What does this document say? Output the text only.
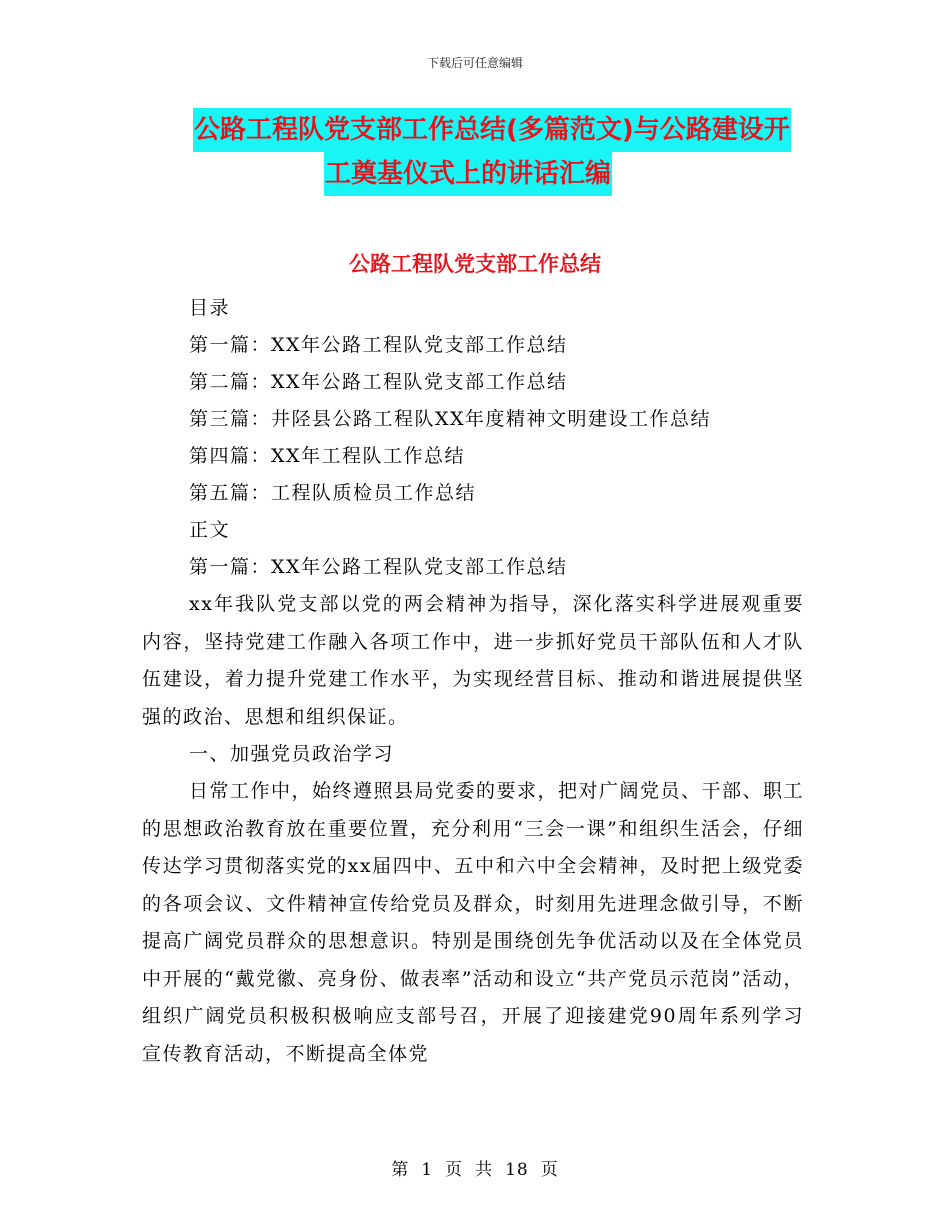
下载后可任意编辑
公路工程队党支部工作总结(多篇范文)与公路建设开
工奠基仪式上的讲话汇编
公路工程队党支部工作总结

目录

第一篇：XX年公路工程队党支部工作总结

第二篇：XX年公路工程队党支部工作总结

第三篇：井陉县公路工程队XX年度精神文明建设工作总结

第四篇：XX年工程队工作总结

第五篇：工程队质检员工作总结

正文

第一篇：XX年公路工程队党支部工作总结

xx年我队党支部以党的两会精神为指导，深化落实科学进展观重要内容，坚持党建工作融入各项工作中，进一步抓好党员干部队伍和人才队伍建设，着力提升党建工作水平，为实现经营目标、推动和谐进展提供坚强的政治、思想和组织保证。

一、加强党员政治学习

日常工作中，始终遵照县局党委的要求，把对广阔党员、干部、职工的思想政治教育放在重要位置，充分利用“三会一课”和组织生活会，仔细传达学习贯彻落实党的xx届四中、五中和六中全会精神，及时把上级党委的各项会议、文件精神宣传给党员及群众，时刻用先进理念做引导，不断提高广阔党员群众的思想意识。特别是围绕创先争优活动以及在全体党员中开展的“戴党徽、亮身份、做表率”活动和设立“共产党员示范岗”活动，组织广阔党员积极积极响应支部号召，开展了迎接建党90周年系列学习宣传教育活动，不断提高全体党

第 1 页 共 18 页
